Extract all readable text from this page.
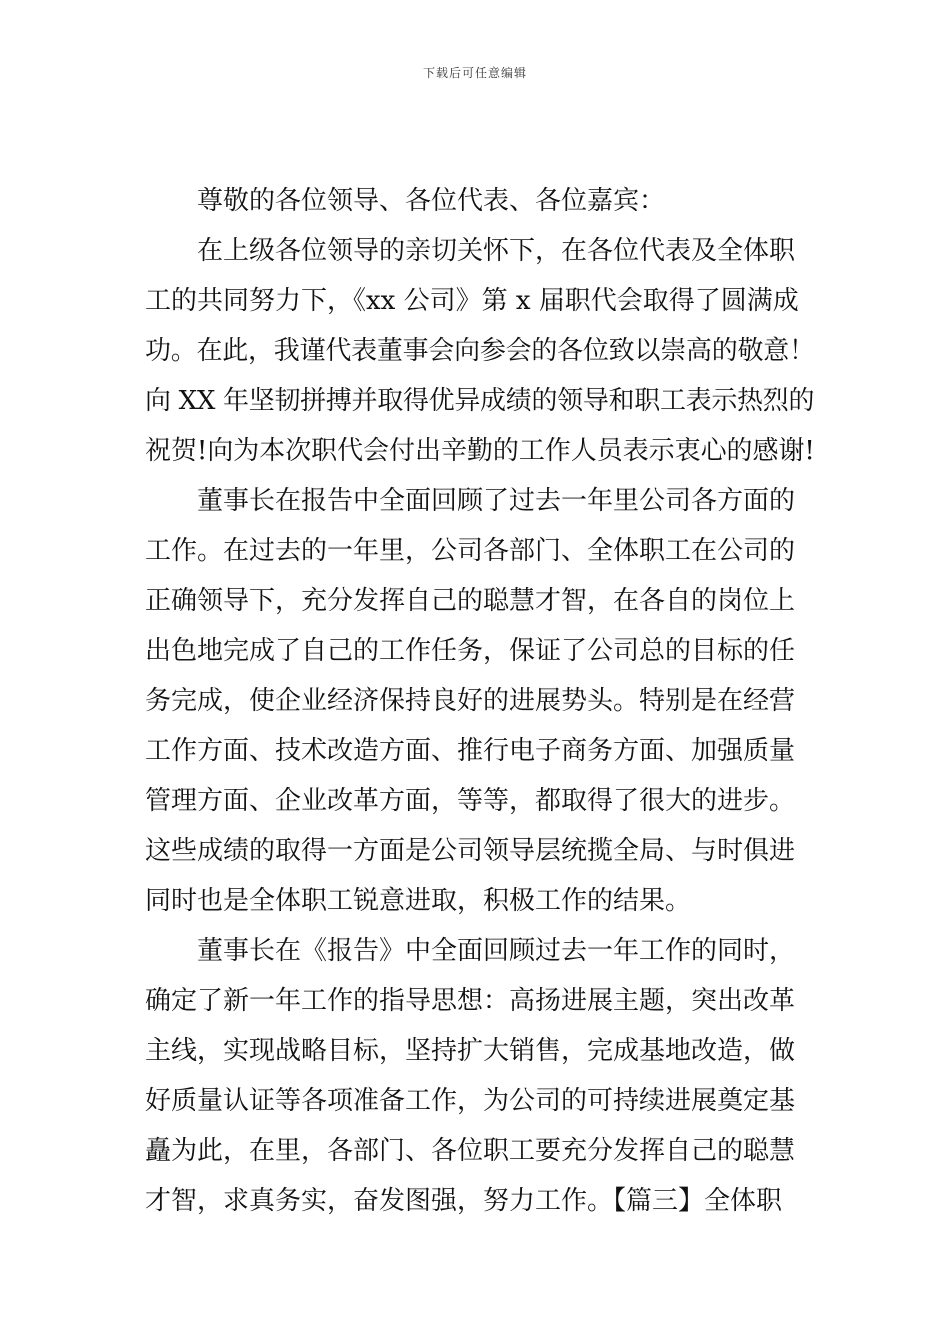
下载后可任意编辑
尊敬的各位领导、各位代表、各位嘉宾：
在上级各位领导的亲切关怀下，在各位代表及全体职
工的共同努力下，《xx 公司》第 x 届职代会取得了圆满成
功。在此，我谨代表董事会向参会的各位致以崇高的敬意！
向 XX 年坚韧拼搏并取得优异成绩的领导和职工表示热烈的
祝贺!向为本次职代会付出辛勤的工作人员表示衷心的感谢!
董事长在报告中全面回顾了过去一年里公司各方面的
工作。在过去的一年里，公司各部门、全体职工在公司的
正确领导下，充分发挥自己的聪慧才智，在各自的岗位上
出色地完成了自己的工作任务，保证了公司总的目标的任
务完成，使企业经济保持良好的进展势头。特别是在经营
工作方面、技术改造方面、推行电子商务方面、加强质量
管理方面、企业改革方面，等等，都取得了很大的进步。
这些成绩的取得一方面是公司领导层统揽全局、与时俱进
同时也是全体职工锐意进取，积极工作的结果。
董事长在《报告》中全面回顾过去一年工作的同时，
确定了新一年工作的指导思想：高扬进展主题，突出改革
主线，实现战略目标，坚持扩大销售，完成基地改造，做
好质量认证等各项准备工作，为公司的可持续进展奠定基
矗为此，在里，各部门、各位职工要充分发挥自己的聪慧
才智，求真务实，奋发图强，努力工作。【篇三】全体职
